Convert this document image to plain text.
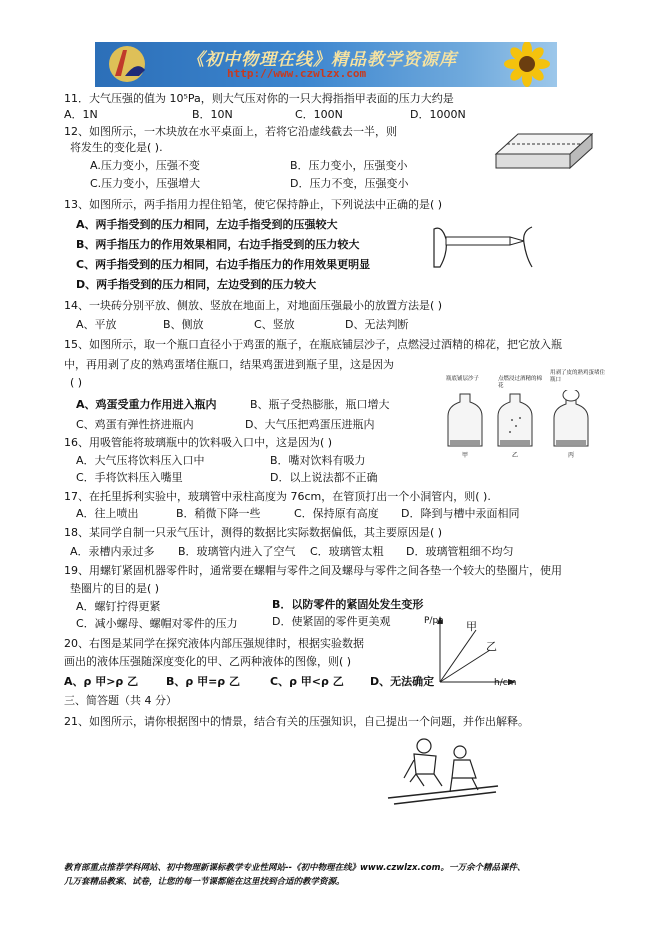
《初中物理在线》精品教学资源库
http://www.czwlzx.com
11．大气压强的值为 10⁵Pa，则大气压对你的一只大拇指指甲表面的压力大约是
A．1N	B．10N	C．100N	D．1000N
12、如图所示，一木块放在水平桌面上，若将它沿虚线截去一半，则
将发生的变化是( ).
A.压力变小，压强不变	B．压力变小，压强变小
C.压力变小，压强增大	D．压力不变，压强变小
13、如图所示，两手指用力捏住铅笔，使它保持静止，下列说法中正确的是( )
A、两手指受到的压力相同，左边手指受到的压强较大
B、两手指压力的作用效果相同，右边手指受到的压力较大
C、两手指受到的压力相同，右边手指压力的作用效果更明显
D、两手指受到的压力相同，左边受到的压力较大
14、一块砖分别平放、侧放、竖放在地面上，对地面压强最小的放置方法是( )
A、平放	B、侧放	C、竖放	D、无法判断
15、如图所示，取一个瓶口直径小于鸡蛋的瓶子，在瓶底铺层沙子，点燃浸过酒精的棉花，把它放入瓶
中，再用剥了皮的熟鸡蛋堵住瓶口，结果鸡蛋进到瓶子里，这是因为
( )
A、鸡蛋受重力作用进入瓶内	B、瓶子受热膨胀，瓶口增大
C、鸡蛋有弹性挤进瓶内	D、大气压把鸡蛋压进瓶内
瓶底铺层沙子	点燃浸过酒精的棉花
用剥了皮的熟鸡蛋堵住瓶口
甲	乙	丙
16、用吸管能将玻璃瓶中的饮料吸入口中，这是因为( )
A．大气压将饮料压入口中	B．嘴对饮料有吸力
C．手将饮料压入嘴里	D．以上说法都不正确
17、在托里拆利实验中，玻璃管中汞柱高度为 76cm，在管顶打出一个小洞管内，则( ).
A．往上喷出	B．稍微下降一些	C．保持原有高度 D．降到与槽中汞面相同
18、某同学自制一只汞气压计，测得的数据比实际数据偏低，其主要原因是( )
A．汞槽内汞过多 B．玻璃管内进入了空气 C．玻璃管太粗 D．玻璃管粗细不均匀
19、用螺钉紧固机器零件时，通常要在螺帽与零件之间及螺母与零件之间各垫一个较大的垫圈片，使用
垫圈片的目的是( )
A．螺钉拧得更紧	B．以防零件的紧固处发生变形
C．减小螺母、螺帽对零件的压力	D．使紧固的零件更美观
20、右图是某同学在探究液体内部压强规律时，根据实验数据
画出的液体压强随深度变化的甲、乙两种液体的图像，则( )
A、ρ 甲>ρ 乙	B、ρ 甲=ρ 乙	C、ρ 甲<ρ 乙 D、无法确定
P/pa 甲
乙
h/cm
三、简答题（共 4 分）
21、如图所示，请你根据图中的情景，结合有关的压强知识，自己提出一个问题，并作出解释。
教育部重点推荐学科网站、初中物理新课标教学专业性网站--《初中物理在线》www.czwlzx.com。一万余个精品课件、
几万套精品教案、试卷，让您的每一节课都能在这里找到合适的教学资源。
